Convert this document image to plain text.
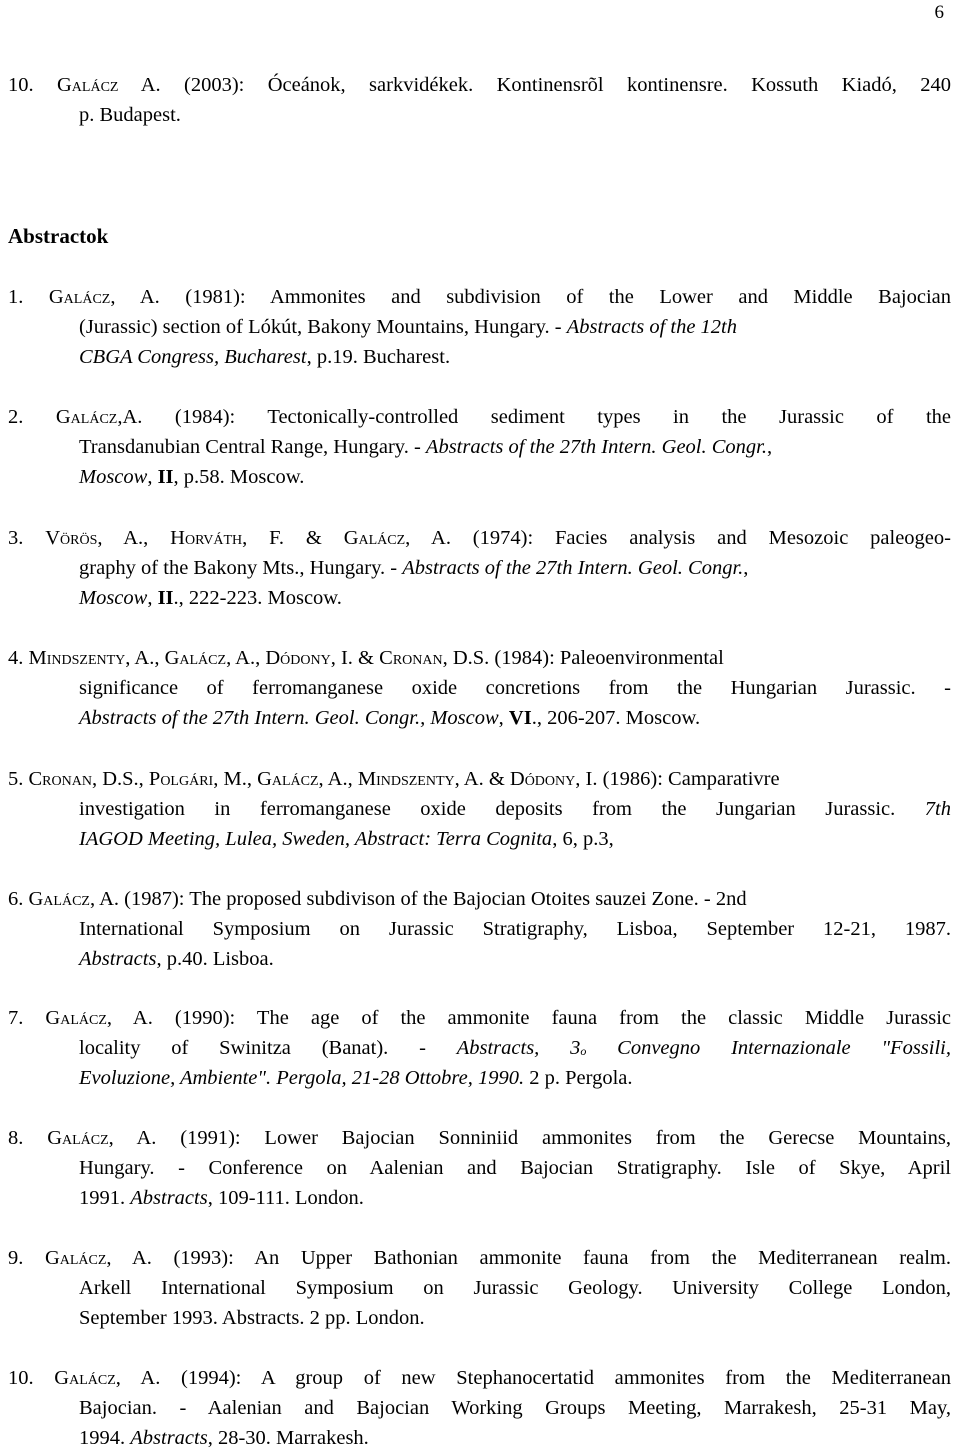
6
10. Galácz A. (2003): Óceánok, sarkvidékek. Kontinensrõl kontinensre. Kossuth Kiadó, 240
p. Budapest.
Abstractok
1. Galácz, A. (1981): Ammonites and subdivision of the Lower and Middle Bajocian
(Jurassic) section of Lókút, Bakony Mountains, Hungary. - Abstracts of the 12th
CBGA Congress, Bucharest, p.19. Bucharest.
2. Galácz,A. (1984): Tectonically-controlled sediment types in the Jurassic of the
Transdanubian Central Range, Hungary. - Abstracts of the 27th Intern. Geol. Congr.,
Moscow, II, p.58. Moscow.
3. Vörös, A., Horváth, F. & Galácz, A. (1974): Facies analysis and Mesozoic paleogeo-
graphy of the Bakony Mts., Hungary. - Abstracts of the 27th Intern. Geol. Congr.,
Moscow, II., 222-223. Moscow.
4. Mindszenty, A., Galácz, A., Dódony, I. & Cronan, D.S. (1984): Paleoenvironmental
significance of ferromanganese oxide concretions from the Hungarian Jurassic. -
Abstracts of the 27th Intern. Geol. Congr., Moscow, VI., 206-207. Moscow.
5. Cronan, D.S., Polgári, M., Galácz, A., Mindszenty, A. & Dódony, I. (1986): Camparativre
investigation in ferromanganese oxide deposits from the Jungarian Jurassic. 7th
IAGOD Meeting, Lulea, Sweden, Abstract: Terra Cognita, 6, p.3,
6. Galácz, A. (1987): The proposed subdivison of the Bajocian Otoites sauzei Zone. - 2nd
International Symposium on Jurassic Stratigraphy, Lisboa, September 12-21, 1987.
Abstracts, p.40. Lisboa.
7. Galácz, A. (1990): The age of the ammonite fauna from the classic Middle Jurassic
locality of Swinitza (Banat). - Abstracts, 3$^o$ Convegno Internazionale "Fossili,
Evoluzione, Ambiente". Pergola, 21-28 Ottobre, 1990. 2 p. Pergola.
8. Galácz, A. (1991): Lower Bajocian Sonniniid ammonites from the Gerecse Mountains,
Hungary. - Conference on Aalenian and Bajocian Stratigraphy. Isle of Skye, April
1991. Abstracts, 109-111. London.
9. Galácz, A. (1993): An Upper Bathonian ammonite fauna from the Mediterranean realm.
Arkell International Symposium on Jurassic Geology. University College London,
September 1993. Abstracts. 2 pp. London.
10. Galácz, A. (1994): A group of new Stephanocertatid ammonites from the Mediterranean
Bajocian. - Aalenian and Bajocian Working Groups Meeting, Marrakesh, 25-31 May,
1994. Abstracts, 28-30. Marrakesh.
